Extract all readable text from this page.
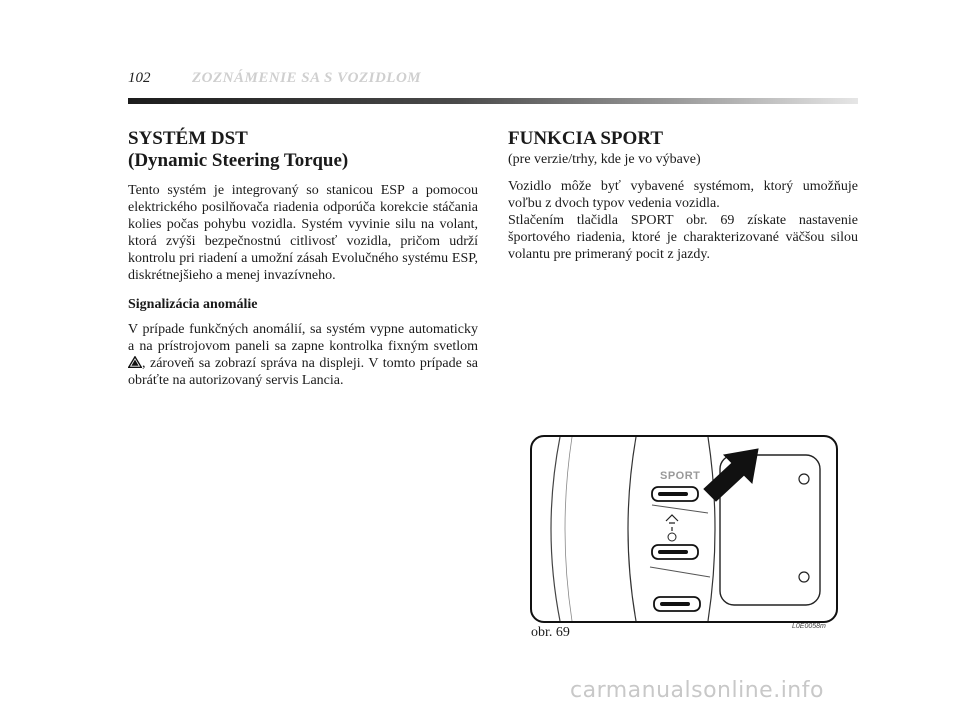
102	ZOZNÁMENIE SA S VOZIDLOM
SYSTÉM DST
(Dynamic Steering Torque)

Tento systém je integrovaný so stanicou ESP a pomocou elektrického posilňovača riadenia odporúča korekcie stáčania kolies počas pohybu vozidla. Systém vyvinie silu na volant, ktorá zvýši bezpečnostnú citlivosť vozidla, pričom udrží kontrolu pri riadení a umožní zásah Evolučného systému ESP, diskrétnejšieho a menej invazívneho.

Signalizácia anomálie

V prípade funkčných anomálií, sa systém vypne automaticky a na prístrojovom paneli sa zapne kontrolka fixným svetlom , zároveň sa zobrazí správa na displeji. V tomto prípade sa obráťte na autorizovaný servis Lancia.

FUNKCIA SPORT
(pre verzie/trhy, kde je vo výbave)

Vozidlo môže byť vybavené systémom, ktorý umožňuje voľbu z dvoch typov vedenia vozidla.

Stlačením tlačidla SPORT obr. 69 získate nastavenie športového riadenia, ktoré je charakterizované väčšou silou volantu pre primeraný pocit z jazdy.

SPORT
obr. 69	L0E0058m
carmanualsonline.info
